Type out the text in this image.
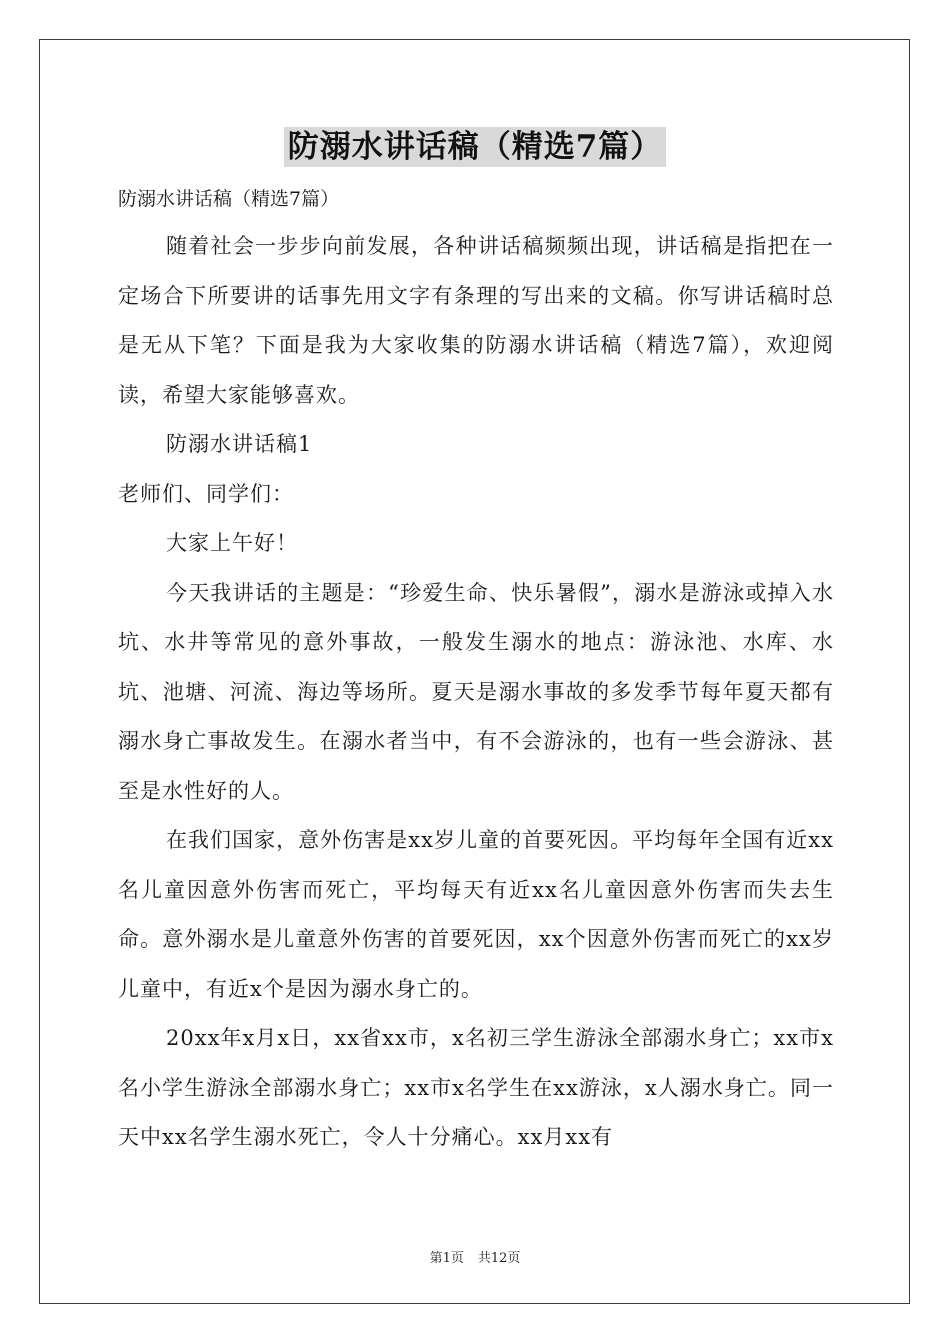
防溺水讲话稿（精选7篇）

防溺水讲话稿（精选7篇）

随着社会一步步向前发展，各种讲话稿频频出现，讲话稿是指把在一定场合下所要讲的话事先用文字有条理的写出来的文稿。你写讲话稿时总是无从下笔？下面是我为大家收集的防溺水讲话稿（精选7篇），欢迎阅读，希望大家能够喜欢。

防溺水讲话稿1

老师们、同学们：

大家上午好！

今天我讲话的主题是：“珍爱生命、快乐暑假”，溺水是游泳或掉入水坑、水井等常见的意外事故，一般发生溺水的地点：游泳池、水库、水坑、池塘、河流、海边等场所。夏天是溺水事故的多发季节每年夏天都有溺水身亡事故发生。在溺水者当中，有不会游泳的，也有一些会游泳、甚至是水性好的人。

在我们国家，意外伤害是xx岁儿童的首要死因。平均每年全国有近xx名儿童因意外伤害而死亡，平均每天有近xx名儿童因意外伤害而失去生命。意外溺水是儿童意外伤害的首要死因，xx个因意外伤害而死亡的xx岁儿童中，有近x个是因为溺水身亡的。

20xx年x月x日，xx省xx市，x名初三学生游泳全部溺水身亡；xx市x名小学生游泳全部溺水身亡；xx市x名学生在xx游泳，x人溺水身亡。同一天中xx名学生溺水死亡，令人十分痛心。xx月xx有

第1页 共12页
